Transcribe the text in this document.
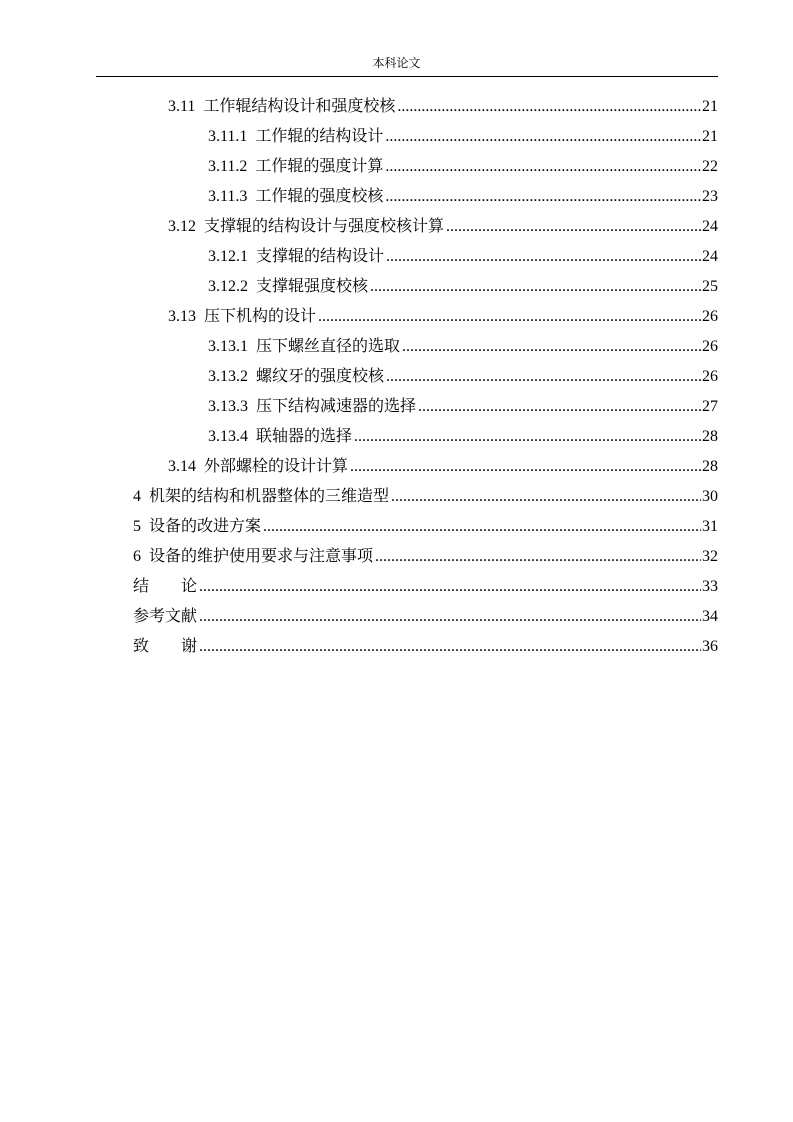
本科论文
3.11 工作辊结构设计和强度校核 .....	21
3.11.1 工作辊的结构设计 .....	21
3.11.2 工作辊的强度计算 .....	22
3.11.3 工作辊的强度校核 .....	23
3.12 支撑辊的结构设计与强度校核计算 .....	24
3.12.1 支撑辊的结构设计 .....	24
3.12.2 支撑辊强度校核 .....	25
3.13 压下机构的设计 .....	26
3.13.1 压下螺丝直径的选取 .....	26
3.13.2 螺纹牙的强度校核 .....	26
3.13.3 压下结构减速器的选择 .....	27
3.13.4 联轴器的选择 .....	28
3.14 外部螺栓的设计计算 .....	28
4 机架的结构和机器整体的三维造型 .....	30
5 设备的改进方案 .....	31
6 设备的维护使用要求与注意事项 .....	32
结　　论 .....	33
参考文献 .....	34
致　　谢 .....	36
